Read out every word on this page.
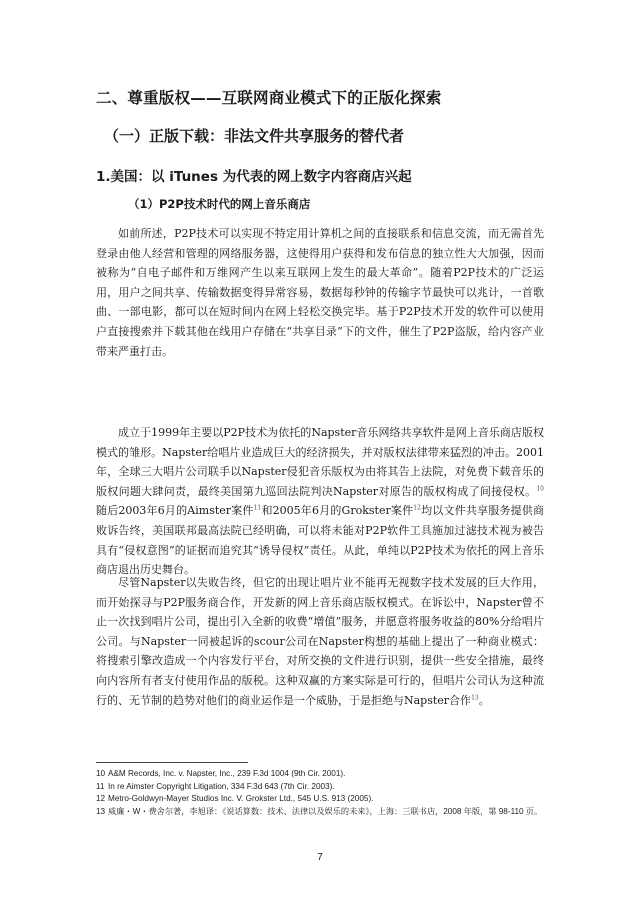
二、尊重版权——互联网商业模式下的正版化探索
（一）正版下载：非法文件共享服务的替代者
1.美国：以 iTunes 为代表的网上数字内容商店兴起
（1）P2P技术时代的网上音乐商店

如前所述，P2P技术可以实现不特定用计算机之间的直接联系和信息交流，而无需首先登录由他人经营和管理的网络服务器，这使得用户获得和发布信息的独立性大大加强，因而被称为“自电子邮件和万维网产生以来互联网上发生的最大革命”。随着P2P技术的广泛运用，用户之间共享、传输数据变得异常容易，数据每秒钟的传输字节最快可以兆计，一首歌曲、一部电影，都可以在短时间内在网上轻松交换完毕。基于P2P技术开发的软件可以使用户直接搜索并下载其他在线用户存储在“共享目录”下的文件，催生了P2P盗版，给内容产业带来严重打击。

成立于1999年主要以P2P技术为依托的Napster音乐网络共享软件是网上音乐商店版权模式的雏形。Napster给唱片业造成巨大的经济损失，并对版权法律带来猛烈的冲击。2001年，全球三大唱片公司联手以Napster侵犯音乐版权为由将其告上法院，对免费下载音乐的版权问题大肆问责，最终美国第九巡回法院判决Napster对原告的版权构成了间接侵权。$^{10}$随后2003年6月的Aimster案件$^{11}$和2005年6月的Grokster案件$^{12}$均以文件共享服务提供商败诉告终，美国联邦最高法院已经明确，可以将未能对P2P软件工具施加过滤技术视为被告具有“侵权意图”的证据而追究其“诱导侵权”责任。从此，单纯以P2P技术为依托的网上音乐商店退出历史舞台。

尽管Napster以失败告终，但它的出现让唱片业不能再无视数字技术发展的巨大作用，而开始探寻与P2P服务商合作，开发新的网上音乐商店版权模式。在诉讼中，Napster曾不止一次找到唱片公司，提出引入全新的收费“增值”服务，并愿意将服务收益的80%分给唱片公司。与Napster一同被起诉的scour公司在Napster构想的基础上提出了一种商业模式：将搜索引擎改造成一个内容发行平台，对所交换的文件进行识别，提供一些安全措施，最终向内容所有者支付使用作品的版税。这种双赢的方案实际是可行的，但唱片公司认为这种流行的、无节制的趋势对他们的商业运作是一个威胁，于是拒绝与Napster合作$^{13}$。

10 A&M Records, Inc. v. Napster, Inc., 239 F.3d 1004 (9th Cir. 2001).

11 In re Aimster Copyright Litigation, 334 F.3d 643 (7th Cir. 2003).

12 Metro-Goldwyn-Mayer Studios Inc. V. Grokster Ltd., 545 U.S. 913 (2005).

13 威廉・W・费舍尔著，李旭译：《说话算数：技术、法律以及娱乐的未来》，上海：三联书店，2008 年版，第 98-110 页。

7
